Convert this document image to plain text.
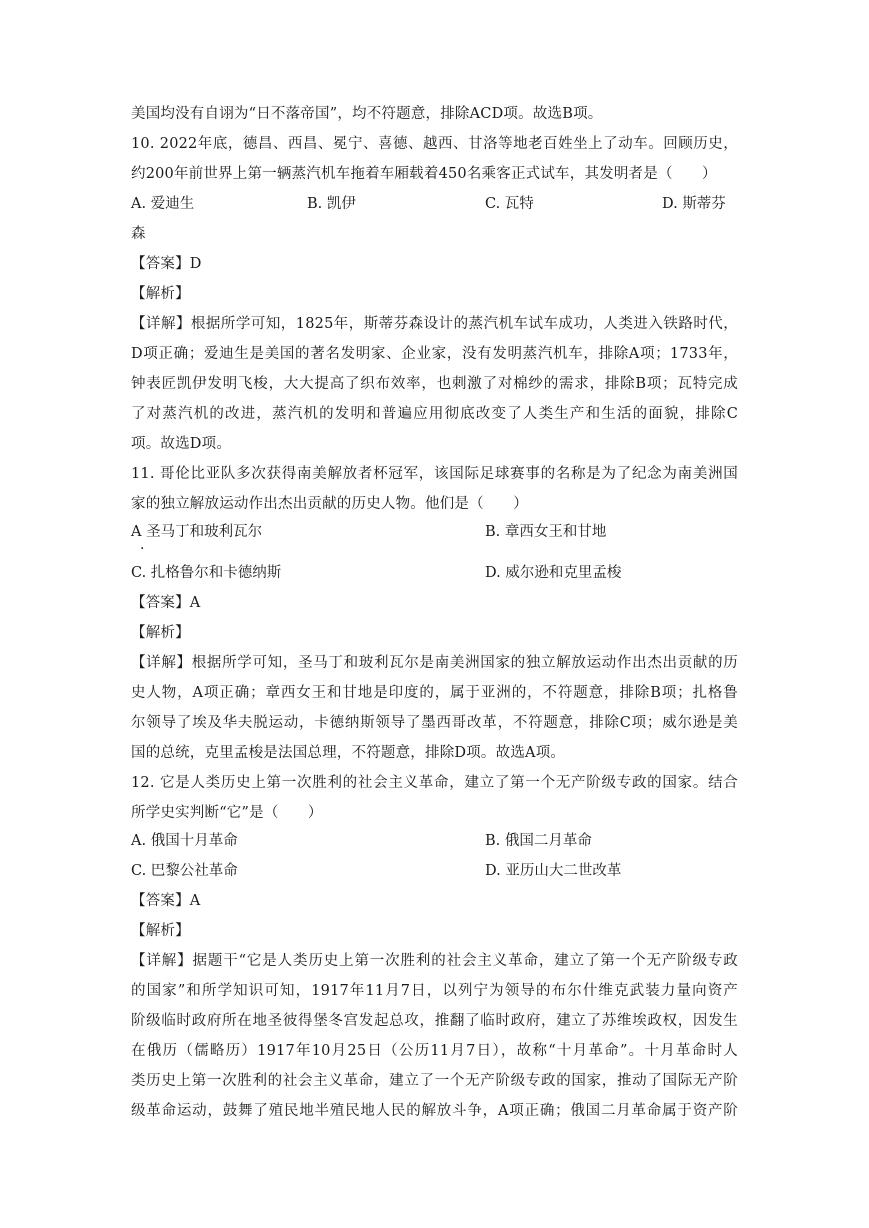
美国均没有自诩为“日不落帝国”，均不符题意，排除ACD项。故选B项。
10. 2022年底，德昌、西昌、冕宁、喜德、越西、甘洛等地老百姓坐上了动车。回顾历史，
约200年前世界上第一辆蒸汽机车拖着车厢载着450名乘客正式试车，其发明者是（　　）
A. 爱迪生	B. 凯伊	C. 瓦特	D. 斯蒂芬
森
【答案】D
【解析】
【详解】根据所学可知，1825年，斯蒂芬森设计的蒸汽机车试车成功，人类进入铁路时代，
D项正确；爱迪生是美国的著名发明家、企业家，没有发明蒸汽机车，排除A项；1733年，
钟表匠凯伊发明飞梭，大大提高了织布效率，也刺激了对棉纱的需求，排除B项；瓦特完成
了对蒸汽机的改进，蒸汽机的发明和普遍应用彻底改变了人类生产和生活的面貌，排除C
项。故选D项。
11. 哥伦比亚队多次获得南美解放者杯冠军，该国际足球赛事的名称是为了纪念为南美洲国
家的独立解放运动作出杰出贡献的历史人物。他们是（　　）
A 圣马丁和玻利瓦尔
.
B. 章西女王和甘地
C. 扎格鲁尔和卡德纳斯	D. 威尔逊和克里孟梭
【答案】A
【解析】
【详解】根据所学可知，圣马丁和玻利瓦尔是南美洲国家的独立解放运动作出杰出贡献的历
史人物，A项正确；章西女王和甘地是印度的，属于亚洲的，不符题意，排除B项；扎格鲁
尔领导了埃及华夫脱运动，卡德纳斯领导了墨西哥改革，不符题意，排除C项；威尔逊是美
国的总统，克里孟梭是法国总理，不符题意，排除D项。故选A项。
12. 它是人类历史上第一次胜利的社会主义革命，建立了第一个无产阶级专政的国家。结合
所学史实判断“它”是（　　）
A. 俄国十月革命	B. 俄国二月革命
C. 巴黎公社革命	D. 亚历山大二世改革
【答案】A
【解析】
【详解】据题干“它是人类历史上第一次胜利的社会主义革命，建立了第一个无产阶级专政
的国家”和所学知识可知，1917年11月7日，以列宁为领导的布尔什维克武装力量向资产
阶级临时政府所在地圣彼得堡冬宫发起总攻，推翻了临时政府，建立了苏维埃政权，因发生
在俄历（儒略历）1917年10月25日（公历11月7日），故称“十月革命”。十月革命时人
类历史上第一次胜利的社会主义革命，建立了一个无产阶级专政的国家，推动了国际无产阶
级革命运动，鼓舞了殖民地半殖民地人民的解放斗争，A项正确；俄国二月革命属于资产阶
